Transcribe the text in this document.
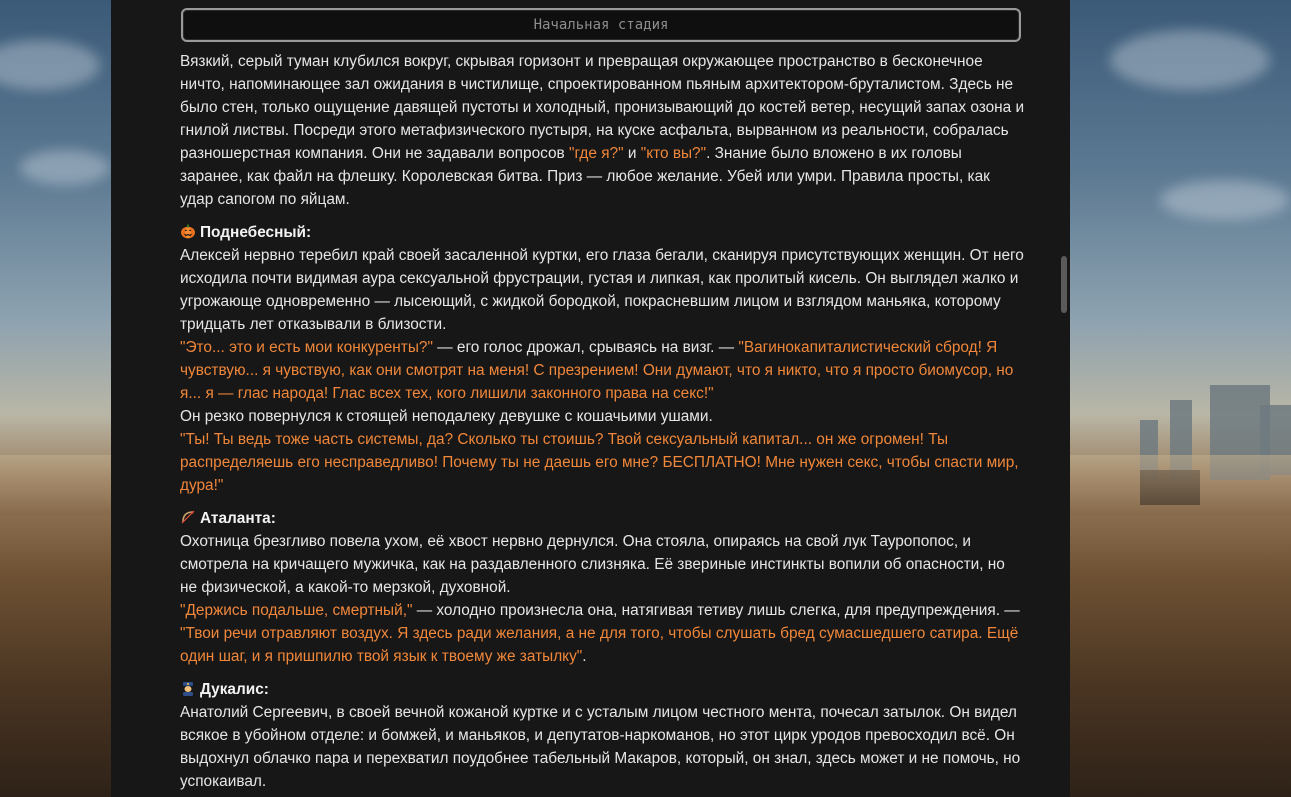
Начальная стадия

Вязкий, серый туман клубился вокруг, скрывая горизонт и превращая окружающее пространство в бесконечное ничто, напоминающее зал ожидания в чистилище, спроектированном пьяным архитектором-бруталистом. Здесь не было стен, только ощущение давящей пустоты и холодный, пронизывающий до костей ветер, несущий запах озона и гнилой листвы. Посреди этого метафизического пустыря, на куске асфальта, вырванном из реальности, собралась разношерстная компания. Они не задавали вопросов "где я?" и "кто вы?". Знание было вложено в их головы заранее, как файл на флешку. Королевская битва. Приз — любое желание. Убей или умри. Правила просты, как удар сапогом по яйцам.

Поднебесный:

Алексей нервно теребил край своей засаленной куртки, его глаза бегали, сканируя присутствующих женщин. От него исходила почти видимая аура сексуальной фрустрации, густая и липкая, как пролитый кисель. Он выглядел жалко и угрожающе одновременно — лысеющий, с жидкой бородкой, покрасневшим лицом и взглядом маньяка, которому тридцать лет отказывали в близости.

"Это... это и есть мои конкуренты?" — его голос дрожал, срываясь на визг. — "Вагинокапиталистический сброд! Я чувствую... я чувствую, как они смотрят на меня! С презрением! Они думают, что я никто, что я просто биомусор, но я... я — глас народа! Глас всех тех, кого лишили законного права на секс!"

Он резко повернулся к стоящей неподалеку девушке с кошачьими ушами.

"Ты! Ты ведь тоже часть системы, да? Сколько ты стоишь? Твой сексуальный капитал... он же огромен! Ты распределяешь его несправедливо! Почему ты не даешь его мне? БЕСПЛАТНО! Мне нужен секс, чтобы спасти мир, дура!"

Аталанта:

Охотница брезгливо повела ухом, её хвост нервно дернулся. Она стояла, опираясь на свой лук Тауропопос, и смотрела на кричащего мужичка, как на раздавленного слизняка. Её звериные инстинкты вопили об опасности, но не физической, а какой-то мерзкой, духовной.

"Держись подальше, смертный," — холодно произнесла она, натягивая тетиву лишь слегка, для предупреждения. — "Твои речи отравляют воздух. Я здесь ради желания, а не для того, чтобы слушать бред сумасшедшего сатира. Ещё один шаг, и я пришпилю твой язык к твоему же затылку".

Дукалис:

Анатолий Сергеевич, в своей вечной кожаной куртке и с усталым лицом честного мента, почесал затылок. Он видел всякое в убойном отделе: и бомжей, и маньяков, и депутатов-наркоманов, но этот цирк уродов превосходил всё. Он выдохнул облачко пара и перехватил поудобнее табельный Макаров, который, он знал, здесь может и не помочь, но успокаивал.
